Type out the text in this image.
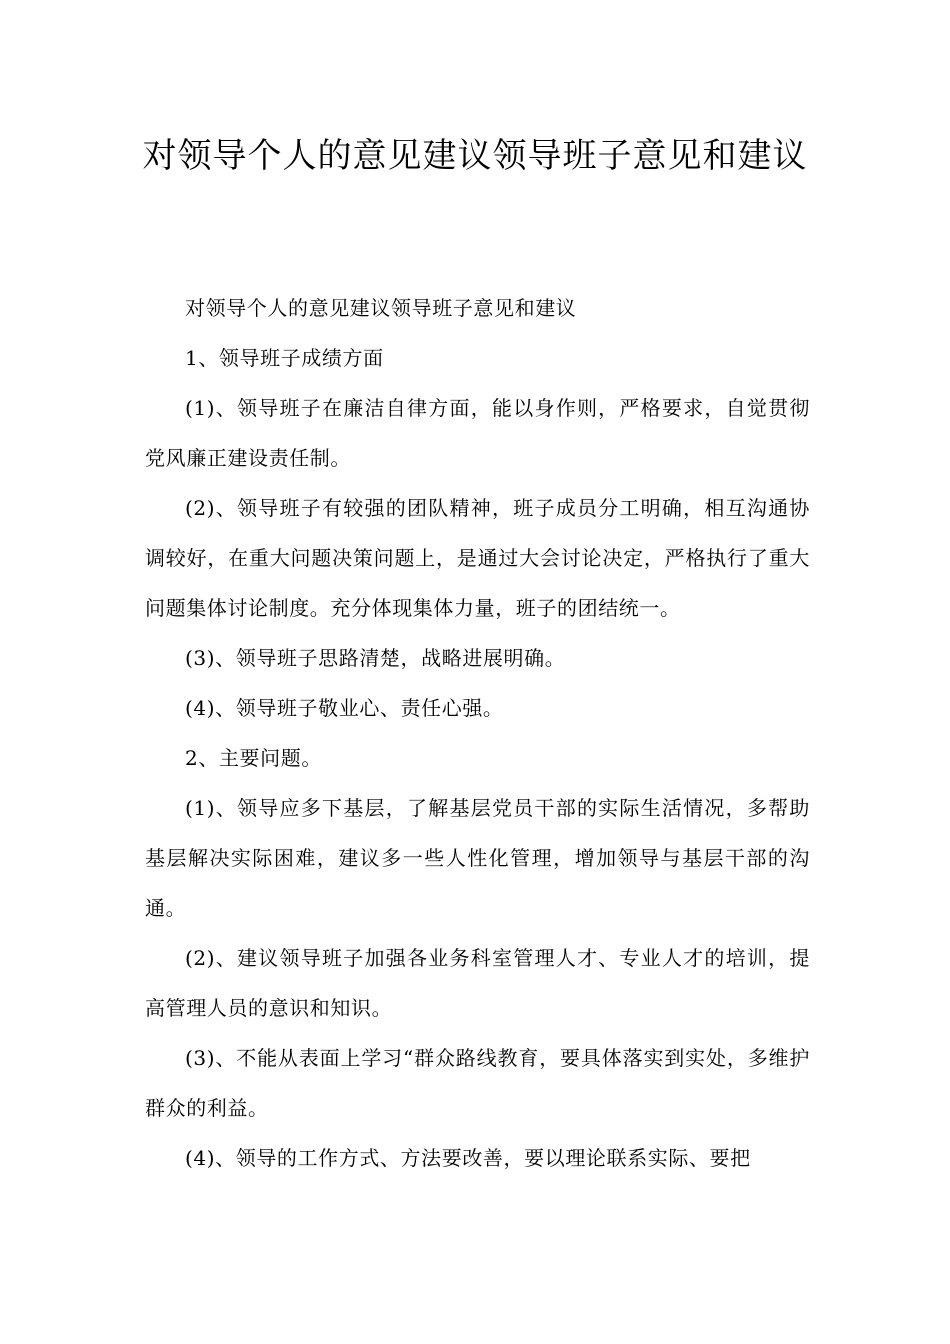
对领导个人的意见建议领导班子意见和建议

对领导个人的意见建议领导班子意见和建议

1、领导班子成绩方面

(1)、领导班子在廉洁自律方面，能以身作则，严格要求，自觉贯彻党风廉正建设责任制。

(2)、领导班子有较强的团队精神，班子成员分工明确，相互沟通协调较好，在重大问题决策问题上，是通过大会讨论决定，严格执行了重大问题集体讨论制度。充分体现集体力量，班子的团结统一。

(3)、领导班子思路清楚，战略进展明确。

(4)、领导班子敬业心、责任心强。

2、主要问题。

(1)、领导应多下基层，了解基层党员干部的实际生活情况，多帮助基层解决实际困难，建议多一些人性化管理，增加领导与基层干部的沟通。

(2)、建议领导班子加强各业务科室管理人才、专业人才的培训，提高管理人员的意识和知识。

(3)、不能从表面上学习“群众路线教育，要具体落实到实处，多维护群众的利益。

(4)、领导的工作方式、方法要改善，要以理论联系实际、要把
